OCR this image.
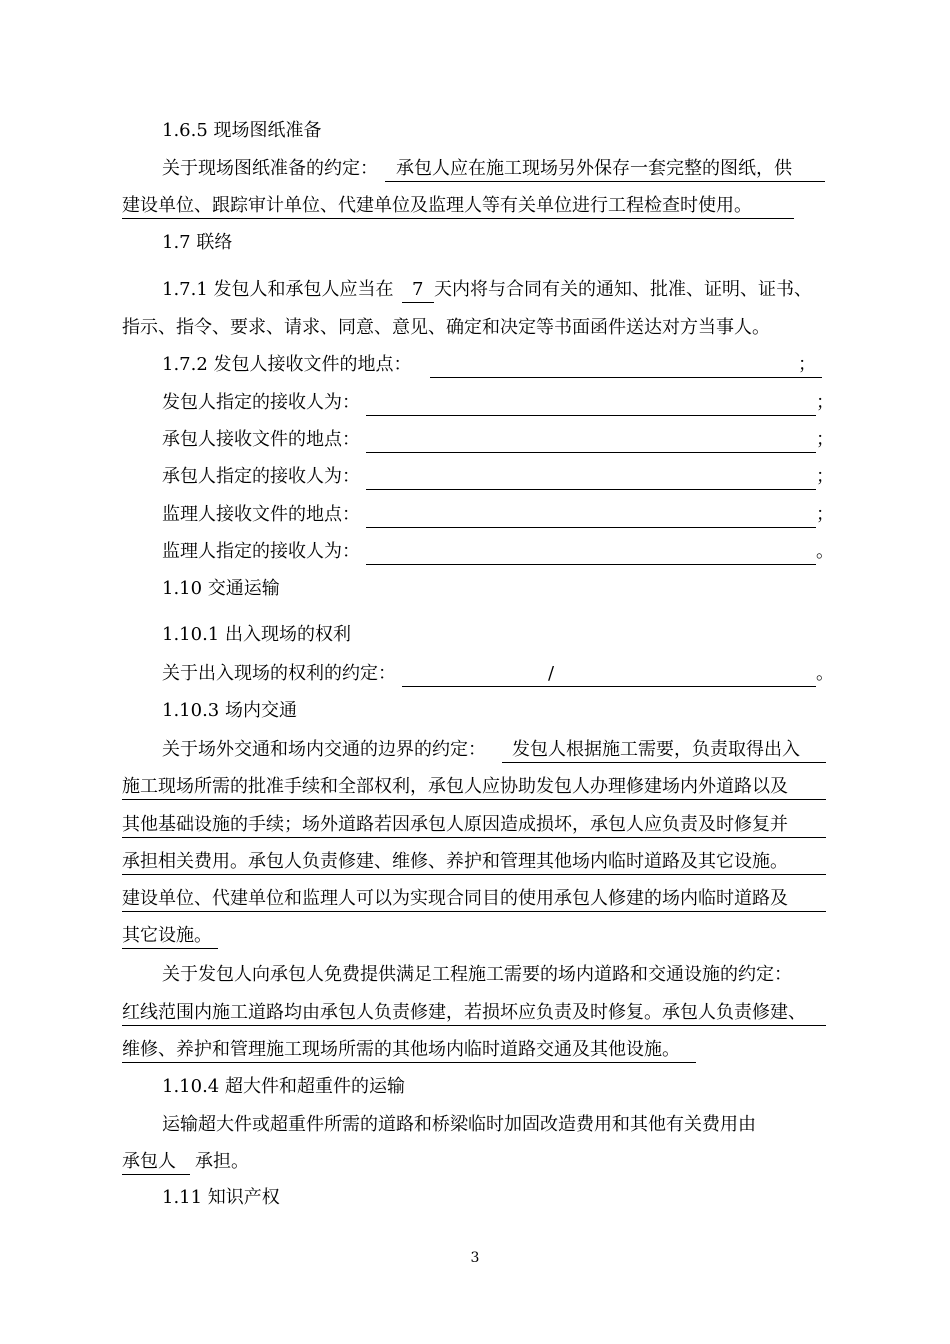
1.6.5 现场图纸准备
关于现场图纸准备的约定： 承包人应在施工现场另外保存一套完整的图纸，供
建设单位、跟踪审计单位、代建单位及监理人等有关单位进行工程检查时使用。
1.7 联络
1.7.1 发包人和承包人应当在 7 天内将与合同有关的通知、批准、证明、证书、
指示、指令、要求、请求、同意、意见、确定和决定等书面函件送达对方当事人。
1.7.2 发包人接收文件的地点：	；
发包人指定的接收人为：	；
承包人接收文件的地点：	；
承包人指定的接收人为：	；
监理人接收文件的地点：	；
监理人指定的接收人为：	。
1.10 交通运输
1.10.1 出入现场的权利
关于出入现场的权利的约定：	/	。
1.10.3 场内交通
关于场外交通和场内交通的边界的约定： 发包人根据施工需要，负责取得出入
施工现场所需的批准手续和全部权利，承包人应协助发包人办理修建场内外道路以及
其他基础设施的手续；场外道路若因承包人原因造成损坏，承包人应负责及时修复并
承担相关费用。承包人负责修建、维修、养护和管理其他场内临时道路及其它设施。
建设单位、代建单位和监理人可以为实现合同目的使用承包人修建的场内临时道路及
其它设施。
关于发包人向承包人免费提供满足工程施工需要的场内道路和交通设施的约定：
红线范围内施工道路均由承包人负责修建，若损坏应负责及时修复。承包人负责修建、
维修、养护和管理施工现场所需的其他场内临时道路交通及其他设施。
1.10.4 超大件和超重件的运输
运输超大件或超重件所需的道路和桥梁临时加固改造费用和其他有关费用由
承包人 承担。
1.11 知识产权
3
